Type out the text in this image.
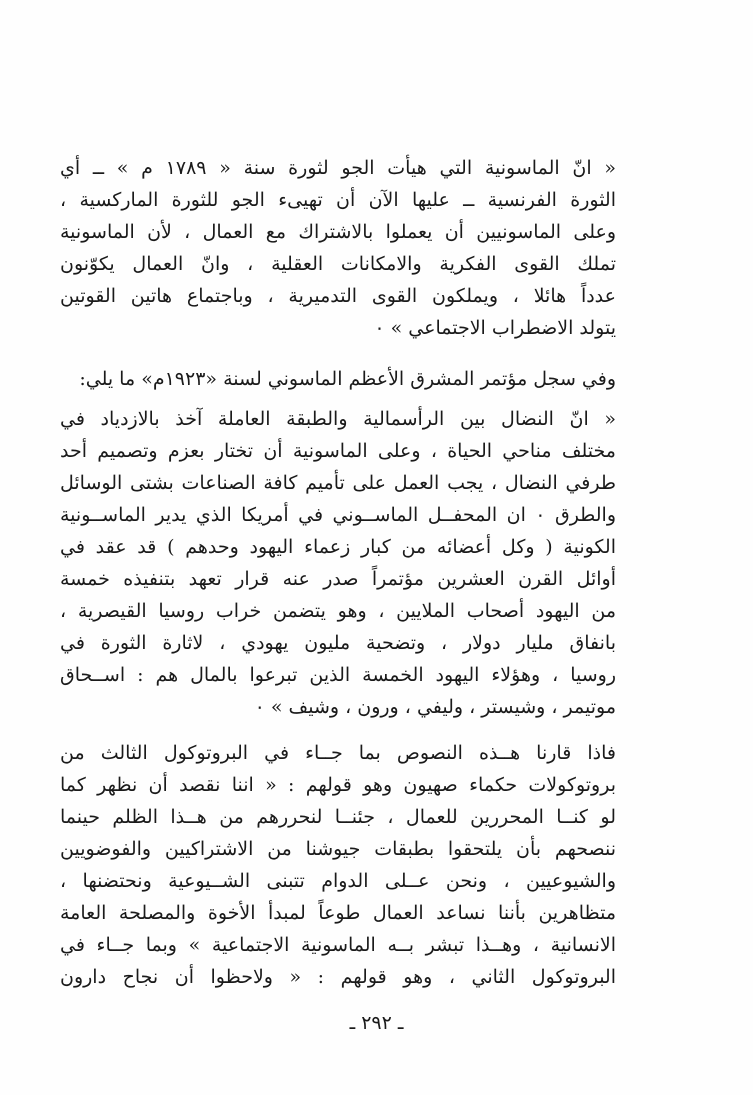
« انّ الماسونية التي هيأت الجو لثورة سنة « ١٧٨٩ م » ــ أي
الثورة الفرنسية ــ عليها الآن أن تهيىء الجو للثورة الماركسية ،
وعلى الماسونيين أن يعملوا بالاشتراك مع العمال ، لأن الماسونية
تملك القوى الفكرية والامكانات العقلية ، وانّ العمال يكوّنون
عدداً هائلا ، ويملكون القوى التدميرية ، وباجتماع هاتين القوتين
يتولد الاضطراب الاجتماعي » ٠
وفي سجل مؤتمر المشرق الأعظم الماسوني لسنة «١٩٢٣م» ما يلي:
« انّ النضال بين الرأسمالية والطبقة العاملة آخذ بالازدياد في
مختلف مناحي الحياة ، وعلى الماسونية أن تختار بعزم وتصميم أحد
طرفي النضال ، يجب العمل على تأميم كافة الصناعات بشتى الوسائل
والطرق ٠ ان المحفــل الماســوني في أمريكا الذي يدير الماســونية
الكونية ( وكل أعضائه من كبار زعماء اليهود وحدهم ) قد عقد في
أوائل القرن العشرين مؤتمراً صدر عنه قرار تعهد بتنفيذه خمسة
من اليهود أصحاب الملايين ، وهو يتضمن خراب روسيا القيصرية ،
بانفاق مليار دولار ، وتضحية مليون يهودي ، لاثارة الثورة في
روسيا ، وهؤلاء اليهود الخمسة الذين تبرعوا بالمال هم : اســحاق
موتيمر ، وشيستر ، وليفي ، ورون ، وشيف » ٠
فاذا قارنا هــذه النصوص بما جــاء في البروتوكول الثالث من
بروتوكولات حكماء صهيون وهو قولهم : « اننا نقصد أن نظهر كما
لو كنــا المحررين للعمال ، جئنــا لنحررهم من هــذا الظلم حينما
ننصحهم بأن يلتحقوا بطبقات جيوشنا من الاشتراكيين والفوضويين
والشيوعيين ، ونحن عــلى الدوام تتبنى الشــيوعية ونحتضنها ،
متظاهرين بأننا نساعد العمال طوعاً لمبدأ الأخوة والمصلحة العامة
الانسانية ، وهــذا تبشر بــه الماسونية الاجتماعية » وبما جــاء في
البروتوكول الثاني ، وهو قولهم : « ولاحظوا أن نجاح دارون
ـ ٢٩٢ ـ
